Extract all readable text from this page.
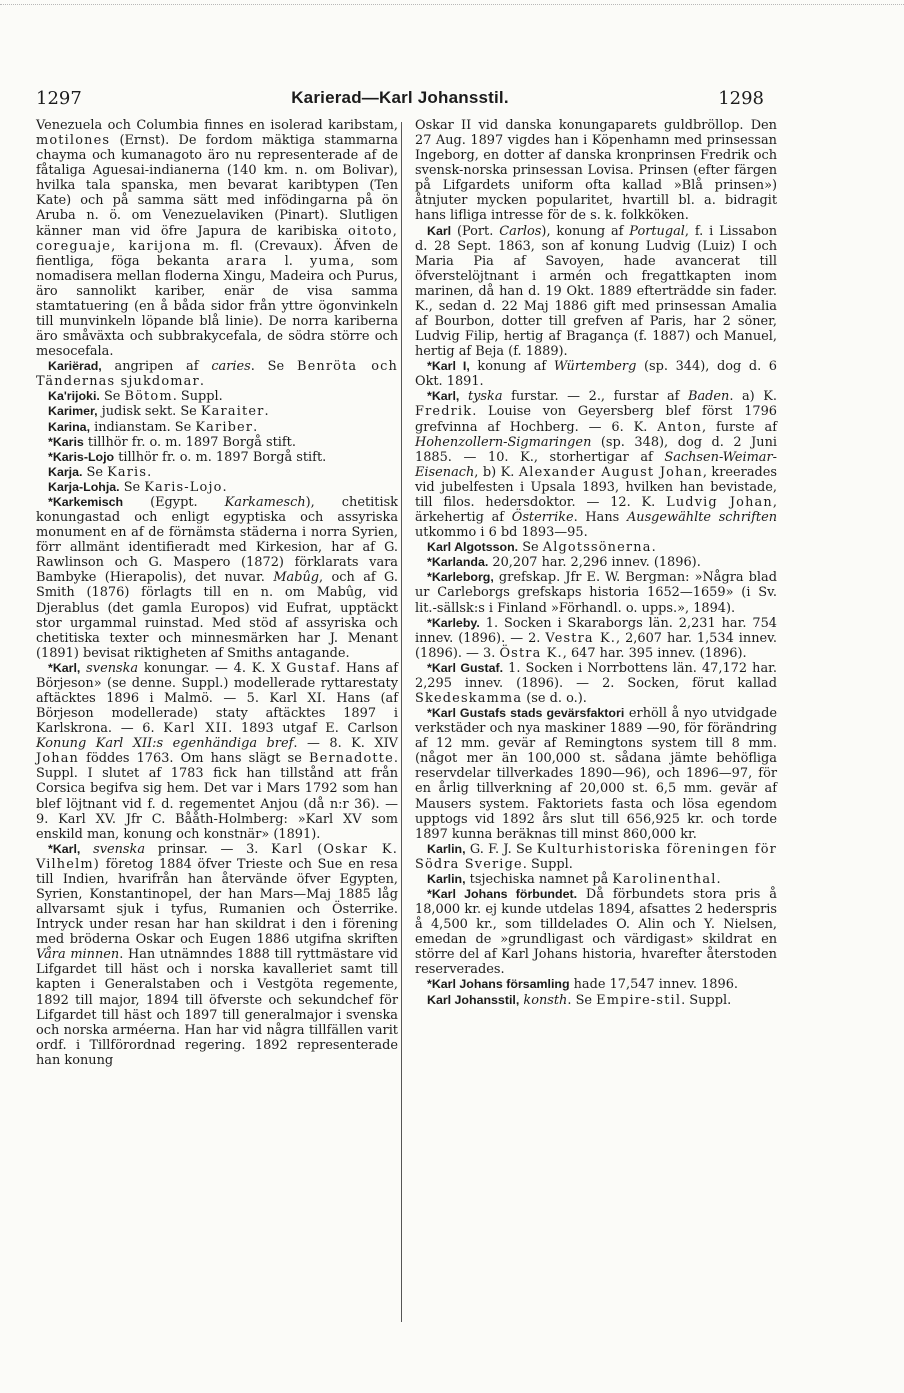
1297	Karierad—Karl Johansstil.	1298

Venezuela och Columbia finnes en isolerad karibstam, motilones (Ernst). De fordom mäktiga stammarna chayma och kumanagoto äro nu representerade af de fåtaliga Aguesai-indianerna (140 km. n. om Bolivar), hvilka tala spanska, men bevarat karibtypen (Ten Kate) och på samma sätt med infödingarna på ön Aruba n. ö. om Venezuelaviken (Pinart). Slutligen känner man vid öfre Japura de karibiska oitoto, coreguaje, karijona m. fl. (Crevaux). Äfven de fientliga, föga bekanta arara l. yuma, som nomadisera mellan floderna Xingu, Madeira och Purus, äro sannolikt kariber, enär de visa samma stamtatuering (en å båda sidor från yttre ögonvinkeln till munvinkeln löpande blå linie). De norra kariberna äro småväxta och subbrakycefala, de södra större och mesocefala.

Kariërad, angripen af caries. Se Benröta och Tändernas sjukdomar.

Ka'rijoki. Se Bötom. Suppl.

Karimer, judisk sekt. Se Karaiter.

Karina, indianstam. Se Kariber.

*Karis tillhör fr. o. m. 1897 Borgå stift.

*Karis-Lojo tillhör fr. o. m. 1897 Borgå stift.

Karja. Se Karis.

Karja-Lohja. Se Karis-Lojo.

*Karkemisch (Egypt. Karkamesch), chetitisk konungastad och enligt egyptiska och assyriska monument en af de förnämsta städerna i norra Syrien, förr allmänt identifieradt med Kirkesion, har af G. Rawlinson och G. Maspero (1872) förklarats vara Bambyke (Hierapolis), det nuvar. Mabûg, och af G. Smith (1876) förlagts till en n. om Mabûg, vid Djerablus (det gamla Europos) vid Eufrat, upptäckt stor urgammal ruinstad. Med stöd af assyriska och chetitiska texter och minnesmärken har J. Menant (1891) bevisat riktigheten af Smiths antagande.

*Karl, svenska konungar. — 4. K. X Gustaf. Hans af Börjeson» (se denne. Suppl.) modellerade ryttarestaty aftäcktes 1896 i Malmö. — 5. Karl XI. Hans (af Börjeson modellerade) staty aftäcktes 1897 i Karlskrona. — 6. Karl XII. 1893 utgaf E. Carlson Konung Karl XII:s egenhändiga bref. — 8. K. XIV Johan föddes 1763. Om hans slägt se Bernadotte. Suppl. I slutet af 1783 fick han tillstånd att från Corsica begifva sig hem. Det var i Mars 1792 som han blef löjtnant vid f. d. regementet Anjou (då n:r 36). — 9. Karl XV. Jfr C. Bååth-Holmberg: »Karl XV som enskild man, konung och konstnär» (1891).

*Karl, svenska prinsar. — 3. Karl (Oskar K. Vilhelm) företog 1884 öfver Trieste och Sue en resa till Indien, hvarifrån han återvände öfver Egypten, Syrien, Konstantinopel, der han Mars—Maj 1885 låg allvarsamt sjuk i tyfus, Rumanien och Österrike. Intryck under resan har han skildrat i den i förening med bröderna Oskar och Eugen 1886 utgifna skriften Våra minnen. Han utnämndes 1888 till ryttmästare vid Lifgardet till häst och i norska kavalleriet samt till kapten i Generalstaben och i Vestgöta regemente, 1892 till major, 1894 till öfverste och sekundchef för Lifgardet till häst och 1897 till generalmajor i svenska och norska arméerna. Han har vid några tillfällen varit ordf. i Tillförordnad regering. 1892 representerade han konung

Oskar II vid danska konungaparets guldbröllop. Den 27 Aug. 1897 vigdes han i Köpenhamn med prinsessan Ingeborg, en dotter af danska kronprinsen Fredrik och svensk-norska prinsessan Lovisa. Prinsen (efter färgen på Lifgardets uniform ofta kallad »Blå prinsen») åtnjuter mycken popularitet, hvartill bl. a. bidragit hans lifliga intresse för de s. k. folkköken.

Karl (Port. Carlos), konung af Portugal, f. i Lissabon d. 28 Sept. 1863, son af konung Ludvig (Luiz) I och Maria Pia af Savoyen, hade avancerat till öfverstelöjtnant i armén och fregattkapten inom marinen, då han d. 19 Okt. 1889 efterträdde sin fader. K., sedan d. 22 Maj 1886 gift med prinsessan Amalia af Bourbon, dotter till grefven af Paris, har 2 söner, Ludvig Filip, hertig af Bragança (f. 1887) och Manuel, hertig af Beja (f. 1889).

*Karl I, konung af Würtemberg (sp. 344), dog d. 6 Okt. 1891.

*Karl, tyska furstar. — 2., furstar af Baden. a) K. Fredrik. Louise von Geyersberg blef först 1796 grefvinna af Hochberg. — 6. K. Anton, furste af Hohenzollern-Sigmaringen (sp. 348), dog d. 2 Juni 1885. — 10. K., storhertigar af Sachsen-Weimar-Eisenach, b) K. Alexander August Johan, kreerades vid jubelfesten i Upsala 1893, hvilken han bevistade, till filos. hedersdoktor. — 12. K. Ludvig Johan, ärkehertig af Österrike. Hans Ausgewählte schriften utkommo i 6 bd 1893—95.

Karl Algotsson. Se Algotssönerna.

*Karlanda. 20,207 har. 2,296 innev. (1896).

*Karleborg, grefskap. Jfr E. W. Bergman: »Några blad ur Carleborgs grefskaps historia 1652—1659» (i Sv. lit.-sällsk:s i Finland »Förhandl. o. upps.», 1894).

*Karleby. 1. Socken i Skaraborgs län. 2,231 har. 754 innev. (1896). — 2. Vestra K., 2,607 har. 1,534 innev. (1896). — 3. Östra K., 647 har. 395 innev. (1896).

*Karl Gustaf. 1. Socken i Norrbottens län. 47,172 har. 2,295 innev. (1896). — 2. Socken, förut kallad Skedeskamma (se d. o.).

*Karl Gustafs stads gevärsfaktori erhöll å nyo utvidgade verkstäder och nya maskiner 1889 —90, för förändring af 12 mm. gevär af Remingtons system till 8 mm. (något mer än 100,000 st. sådana jämte behöfliga reservdelar tillverkades 1890—96), och 1896—97, för en årlig tillverkning af 20,000 st. 6,5 mm. gevär af Mausers system. Faktoriets fasta och lösa egendom upptogs vid 1892 års slut till 656,925 kr. och torde 1897 kunna beräknas till minst 860,000 kr.

Karlin, G. F. J. Se Kulturhistoriska föreningen för Södra Sverige. Suppl.

Karlin, tsjechiska namnet på Karolinenthal.

*Karl Johans förbundet. Då förbundets stora pris å 18,000 kr. ej kunde utdelas 1894, afsattes 2 hederspris å 4,500 kr., som tilldelades O. Alin och Y. Nielsen, emedan de »grundligast och värdigast» skildrat en större del af Karl Johans historia, hvarefter återstoden reserverades.

*Karl Johans församling hade 17,547 innev. 1896.

Karl Johansstil, konsth. Se Empire-stil. Suppl.
